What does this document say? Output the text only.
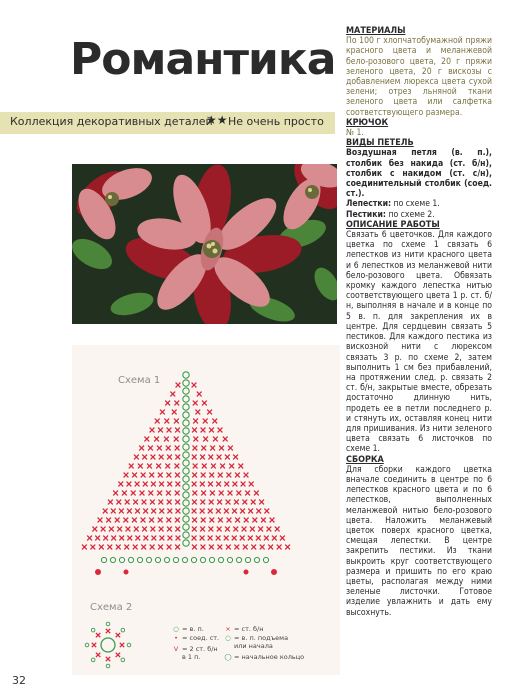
Романтика
Коллекция декоративных деталей
★★ Не очень просто
Схема 1
Схема 2
○ = в. п.
• = соед. ст.
V = 2 ст. б/н
в 1 п.
× = ст. б/н
○ = в. п. подъема
или начала
◯ = начальное кольцо
32
МАТЕРИАЛЫ
По 100 г хлопчатобумажной пряжи красного цвета и меланжевой бело-розового цвета, 20 г пряжи зеленого цвета, 20 г вискозы с добавлением люрекса цвета сухой зелени; отрез льняной ткани зеленого цвета или салфетка соответствующего размера.
КРЮЧОК
№ 1.
ВИДЫ ПЕТЕЛЬ
Воздушная петля (в. п.), столбик без накида (ст. б/н), столбик с накидом (ст. с/н), соединительный столбик (соед. ст.).
Лепестки: по схеме 1.
Пестики: по схеме 2.
ОПИСАНИЕ РАБОТЫ
Связать 6 цветочков. Для каждого цветка по схеме 1 связать 6 лепестков из нити красного цвета и 6 лепестков из меланжевой нити бело-розового цвета. Обвязать кромку каждого лепестка нитью соответствующего цвета 1 р. ст. б/н, выполняя в начале и в конце по 5 в. п. для закрепления их в центре. Для сердцевин связать 5 пестиков. Для каждого пестика из вискозной нити с люрексом связать 3 р. по схеме 2, затем выполнить 1 см без прибавлений, на протяжении след. р. связать 2 ст. б/н, закрытые вместе, обрезать достаточно длинную нить, продеть ее в петли последнего р. и стянуть их, оставляя конец нити для пришивания. Из нити зеленого цвета связать 6 листочков по схеме 1.
СБОРКА
Для сборки каждого цветка вначале соединить в центре по 6 лепестков красного цвета и по 6 лепестков, выполненных меланжевой нитью бело-розового цвета. Наложить меланжевый цветок поверх красного цветка, смещая лепестки. В центре закрепить пестики. Из ткани выкроить круг соответствующего размера и пришить по его краю цветы, располагая между ними зеленые листочки. Готовое изделие увлажнить и дать ему высохнуть.
